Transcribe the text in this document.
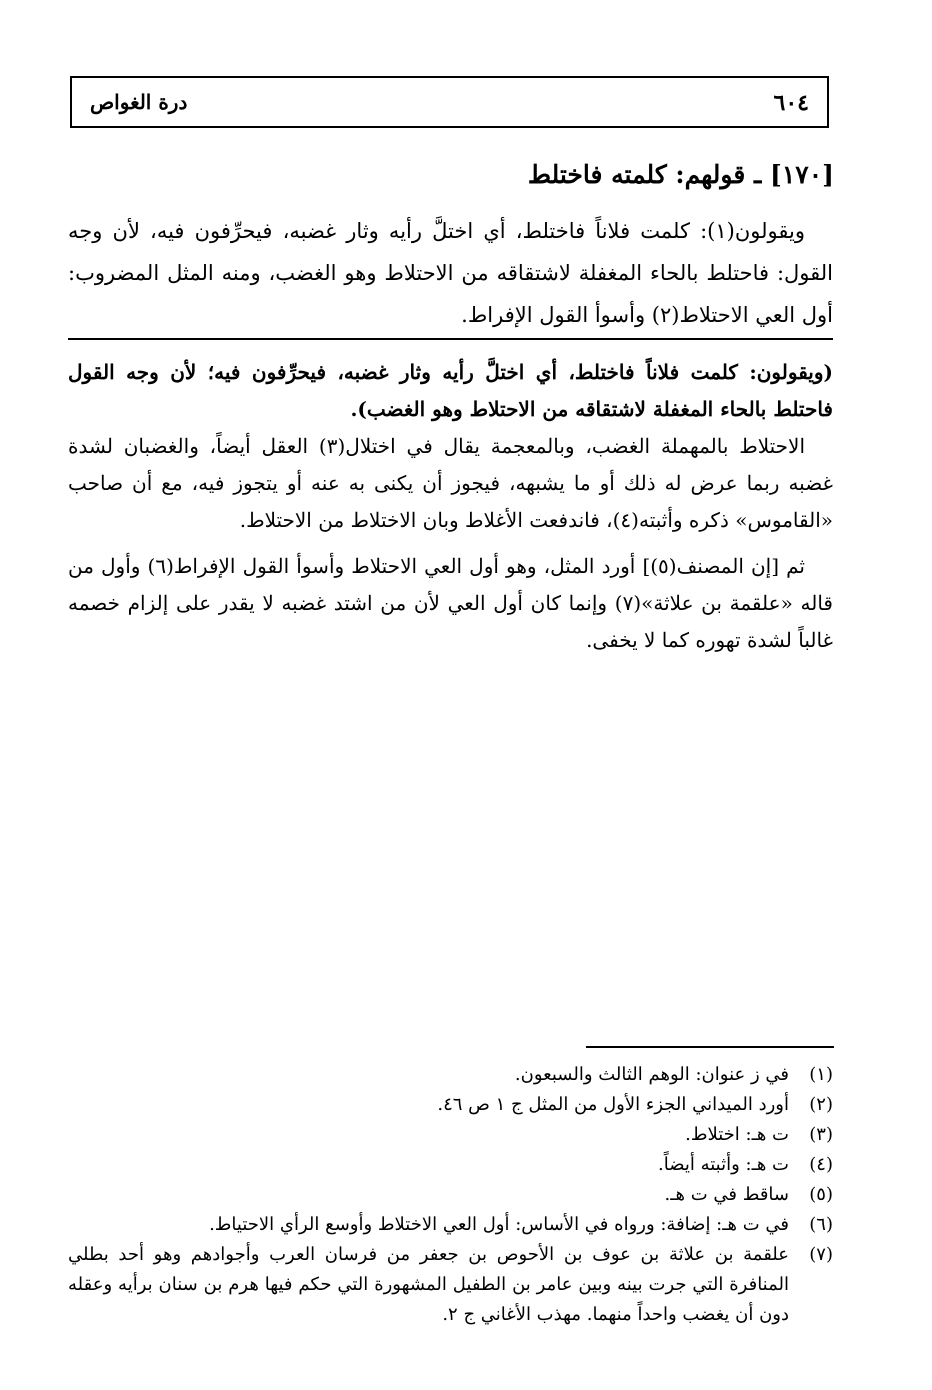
٦٠٤
درة الغواص
[١٧٠] ـ قولهم: كلمته فاختلط

ويقولون(١): كلمت فلاناً فاختلط، أي اختلَّ رأيه وثار غضبه، فيحرِّفون فيه، لأن وجه القول: فاحتلط بالحاء المغفلة لاشتقاقه من الاحتلاط وهو الغضب، ومنه المثل المضروب: أول العي الاحتلاط(٢) وأسوأ القول الإفراط.

(ويقولون: كلمت فلاناً فاختلط، أي اختلَّ رأيه وثار غضبه، فيحرِّفون فيه؛ لأن وجه القول فاحتلط بالحاء المغفلة لاشتقاقه من الاحتلاط وهو الغضب).

الاحتلاط بالمهملة الغضب، وبالمعجمة يقال في اختلال(٣) العقل أيضاً، والغضبان لشدة غضبه ربما عرض له ذلك أو ما يشبهه، فيجوز أن يكنى به عنه أو يتجوز فيه، مع أن صاحب «القاموس» ذكره وأثبته(٤)، فاندفعت الأغلاط وبان الاختلاط من الاحتلاط.

ثم [إن المصنف(٥)] أورد المثل، وهو أول العي الاحتلاط وأسوأ القول الإفراط(٦) وأول من قاله «علقمة بن علاثة»(٧) وإنما كان أول العي لأن من اشتد غضبه لا يقدر على إلزام خصمه غالباً لشدة تهوره كما لا يخفى.

(١)
في ز عنوان: الوهم الثالث والسبعون.
(٢)
أورد الميداني الجزء الأول من المثل ج ١ ص ٤٦.
(٣)
ت هـ: اختلاط.
(٤)
ت هـ: وأثبته أيضاً.
(٥)
ساقط في ت هـ.
(٦)
في ت هـ: إضافة: ورواه في الأساس: أول العي الاختلاط وأوسع الرأي الاحتياط.
(٧)
علقمة بن علاثة بن عوف بن الأحوص بن جعفر من فرسان العرب وأجوادهم وهو أحد بطلي المنافرة التي جرت بينه وبين عامر بن الطفيل المشهورة التي حكم فيها هرم بن سنان برأيه وعقله دون أن يغضب واحداً منهما. مهذب الأغاني ج ٢.
